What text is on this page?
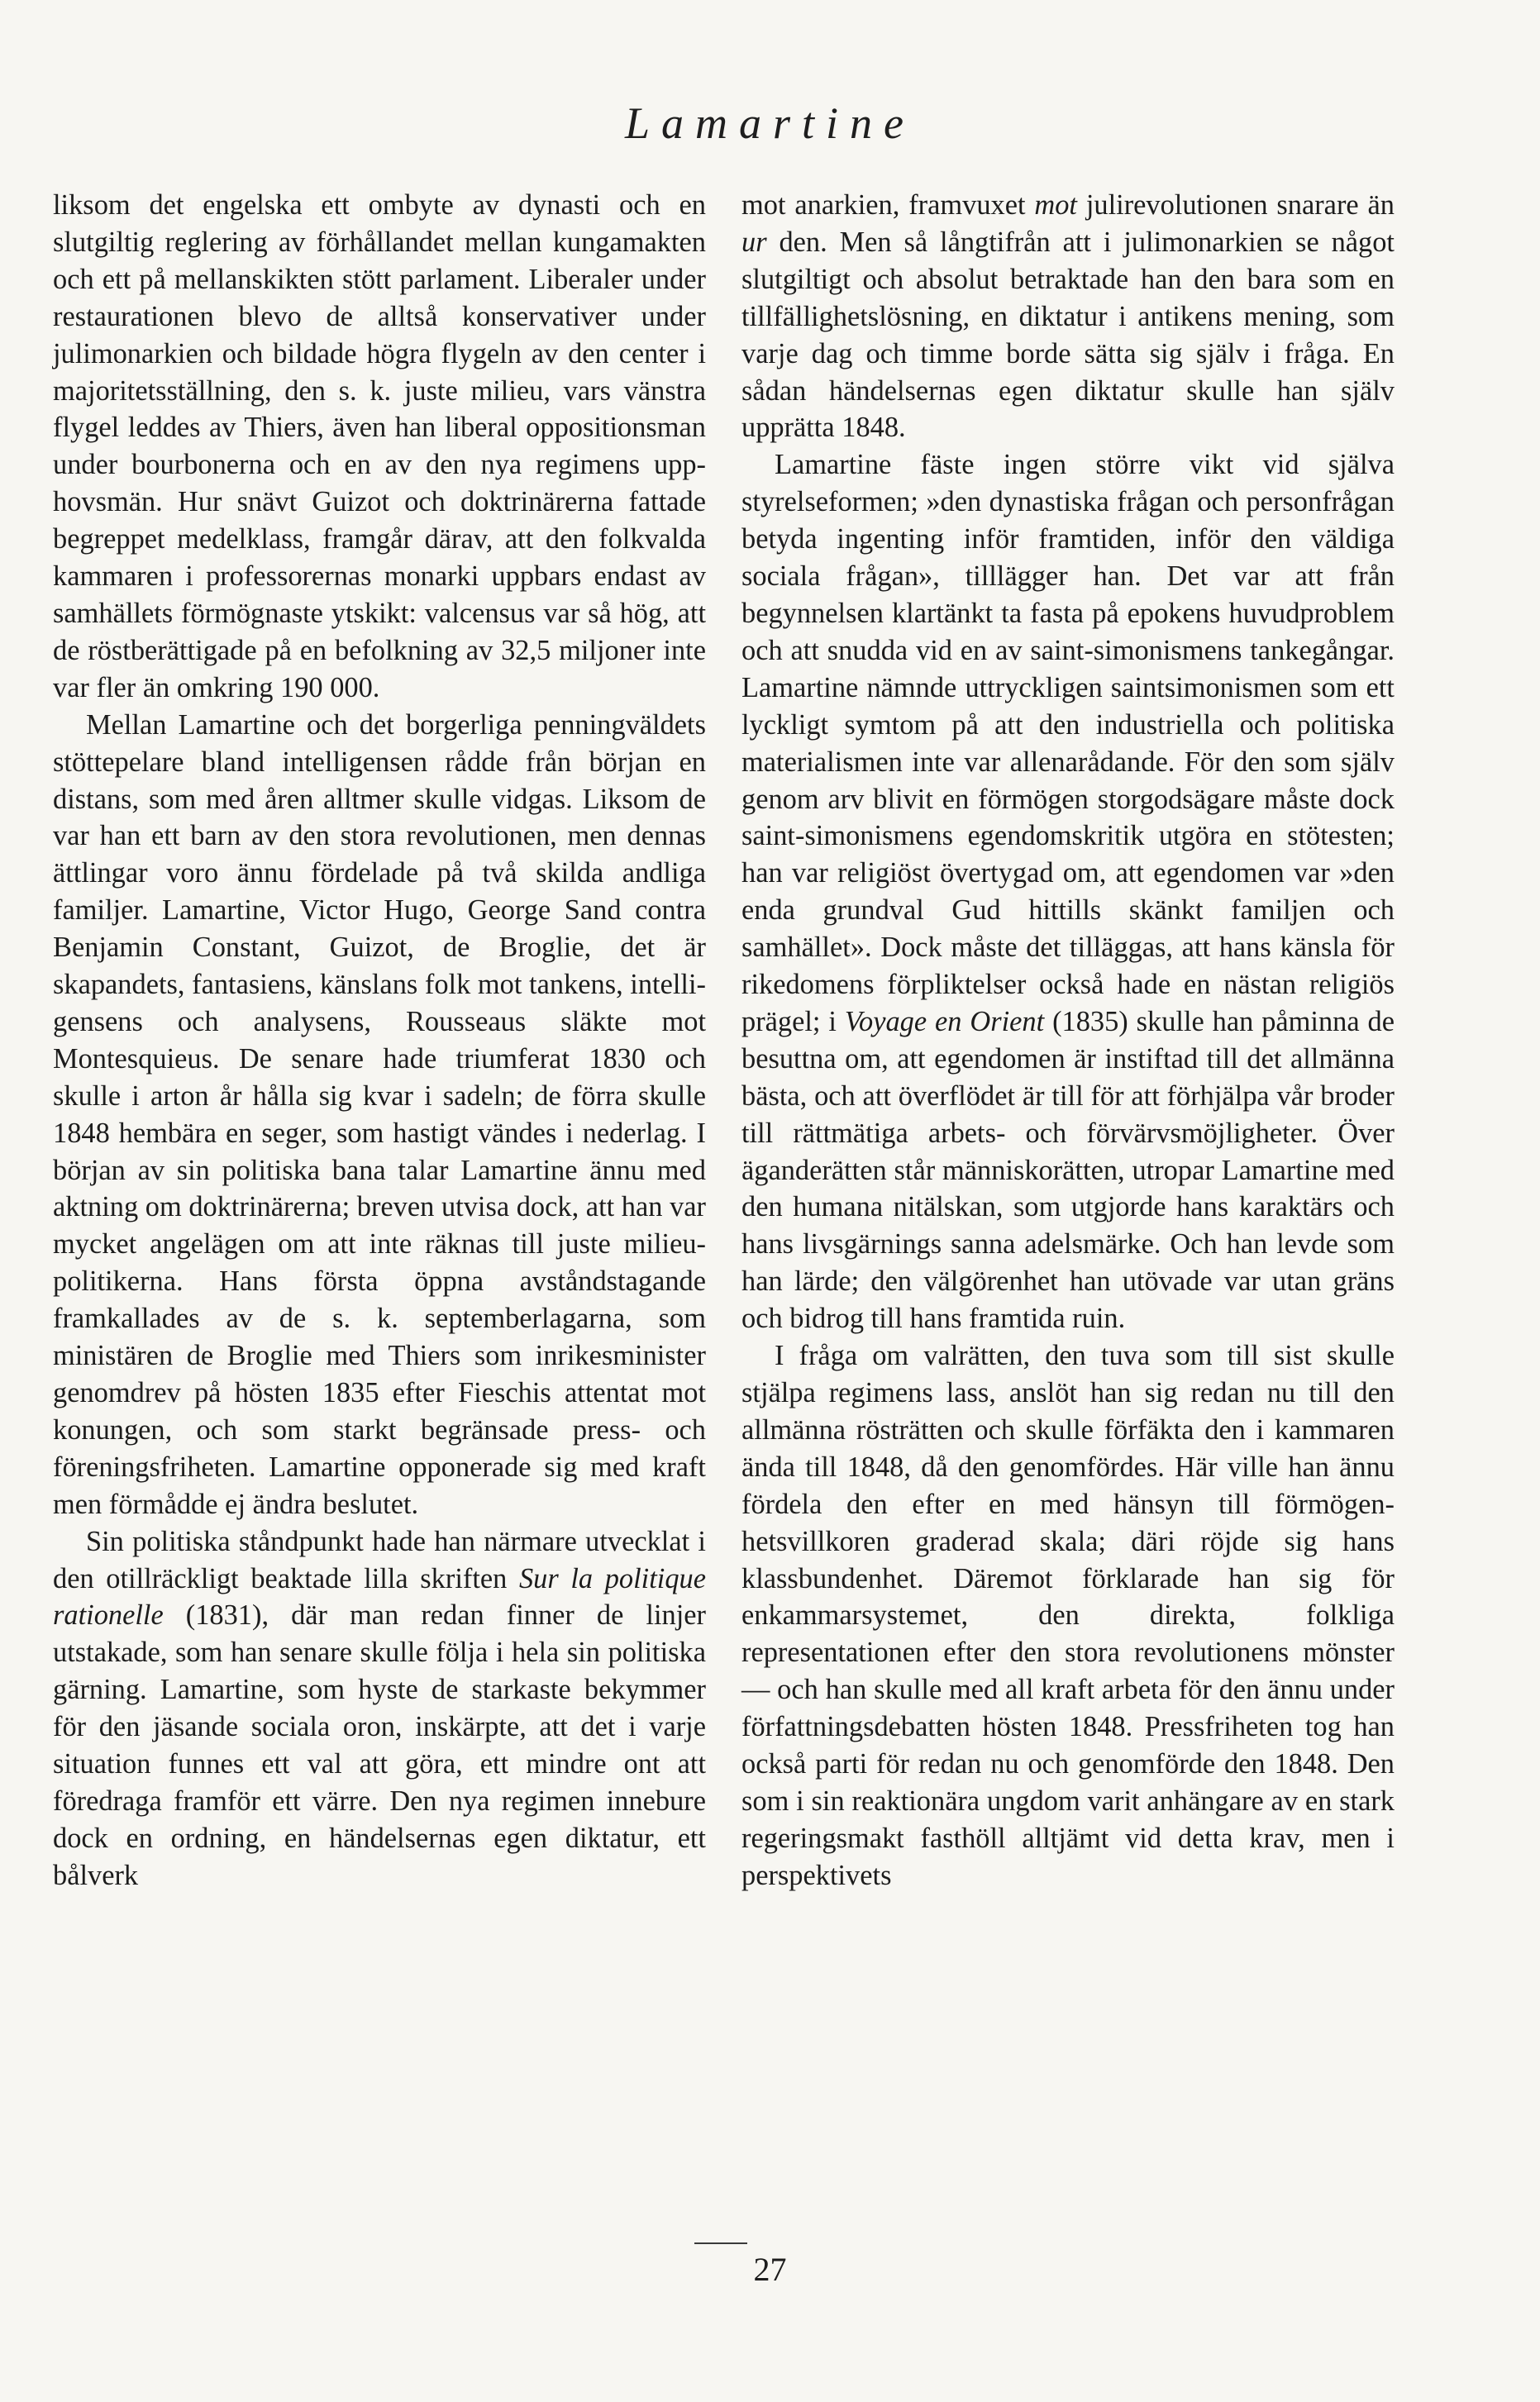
Lamartine

liksom det engelska ett ombyte av dynasti och en slutgiltig reglering av förhållandet mellan kungamakten och ett på mellanskikten stött parlament. Liberaler under restaurationen blevo de alltså konservativer under julimonarkien och bildade högra flygeln av den center i majoritetsställning, den s. k. juste milieu, vars vänstra flygel leddes av Thiers, även han liberal oppositionsman under bourbonerna och en av den nya regimens upphovsmän. Hur snävt Guizot och doktrinärerna fattade begreppet medelklass, framgår därav, att den folkvalda kammaren i professorernas monarki uppbars endast av samhällets förmögnaste ytskikt: valcensus var så hög, att de röstberättigade på en befolkning av 32,5 miljoner inte var fler än omkring 190 000.

Mellan Lamartine och det borgerliga penningväldets stöttepelare bland intelligensen rådde från början en distans, som med åren alltmer skulle vidgas. Liksom de var han ett barn av den stora revolutionen, men dennas ättlingar voro ännu fördelade på två skilda andliga familjer. Lamartine, Victor Hugo, George Sand contra Benjamin Constant, Guizot, de Broglie, det är skapandets, fantasiens, känslans folk mot tankens, intelligensens och analysens, Rousseaus släkte mot Montesquieus. De senare hade triumferat 1830 och skulle i arton år hålla sig kvar i sadeln; de förra skulle 1848 hembära en seger, som hastigt vändes i nederlag. I början av sin politiska bana talar Lamartine ännu med aktning om doktrinärerna; breven utvisa dock, att han var mycket angelägen om att inte räknas till juste milieu-politikerna. Hans första öppna avståndstagande framkallades av de s. k. septemberlagarna, som ministären de Broglie med Thiers som inrikesminister genomdrev på hösten 1835 efter Fieschis attentat mot konungen, och som starkt begränsade press- och föreningsfriheten. Lamartine opponerade sig med kraft men förmådde ej ändra beslutet.

Sin politiska ståndpunkt hade han närmare utvecklat i den otillräckligt beaktade lilla skriften Sur la politique rationelle (1831), där man redan finner de linjer utstakade, som han senare skulle följa i hela sin politiska gärning. Lamartine, som hyste de starkaste bekymmer för den jäsande sociala oron, inskärpte, att det i varje situation funnes ett val att göra, ett mindre ont att föredraga framför ett värre. Den nya regimen innebure dock en ordning, en händelsernas egen diktatur, ett bålverk

mot anarkien, framvuxet mot julirevolutionen snarare än ur den. Men så långtifrån att i julimonarkien se något slutgiltigt och absolut betraktade han den bara som en tillfällighetslösning, en diktatur i antikens mening, som varje dag och timme borde sätta sig själv i fråga. En sådan händelsernas egen diktatur skulle han själv upprätta 1848.

Lamartine fäste ingen större vikt vid själva styrelseformen; »den dynastiska frågan och personfrågan betyda ingenting inför framtiden, inför den väldiga sociala frågan», tilllägger han. Det var att från begynnelsen klartänkt ta fasta på epokens huvudproblem och att snudda vid en av saint-simonismens tankegångar. Lamartine nämnde uttryckligen saintsimonismen som ett lyckligt symtom på att den industriella och politiska materialismen inte var allenarådande. För den som själv genom arv blivit en förmögen storgodsägare måste dock saint-simonismens egendomskritik utgöra en stötesten; han var religiöst övertygad om, att egendomen var »den enda grundval Gud hittills skänkt familjen och samhället». Dock måste det tilläggas, att hans känsla för rikedomens förpliktelser också hade en nästan religiös prägel; i Voyage en Orient (1835) skulle han påminna de besuttna om, att egendomen är instiftad till det allmänna bästa, och att överflödet är till för att förhjälpa vår broder till rättmätiga arbets- och förvärvsmöjligheter. Över äganderätten står människorätten, utropar Lamartine med den humana nitälskan, som utgjorde hans karaktärs och hans livsgärnings sanna adelsmärke. Och han levde som han lärde; den välgörenhet han utövade var utan gräns och bidrog till hans framtida ruin.

I fråga om valrätten, den tuva som till sist skulle stjälpa regimens lass, anslöt han sig redan nu till den allmänna rösträtten och skulle förfäkta den i kammaren ända till 1848, då den genomfördes. Här ville han ännu fördela den efter en med hänsyn till förmögenhetsvillkoren graderad skala; däri röjde sig hans klassbundenhet. Däremot förklarade han sig för enkammarsystemet, den direkta, folkliga representationen efter den stora revolutionens mönster — och han skulle med all kraft arbeta för den ännu under författningsdebatten hösten 1848. Pressfriheten tog han också parti för redan nu och genomförde den 1848. Den som i sin reaktionära ungdom varit anhängare av en stark regeringsmakt fasthöll alltjämt vid detta krav, men i perspektivets

27
